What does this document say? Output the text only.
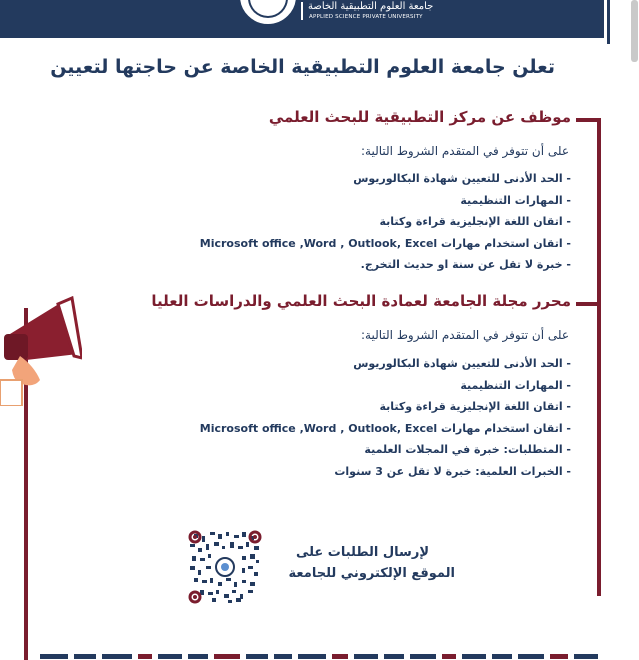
جامعة العلوم التطبيقية الخاصة
APPLIED SCIENCE PRIVATE UNIVERSITY
تعلن جامعة العلوم التطبيقية الخاصة عن حاجتها لتعيين
موظف عن مركز التطبيقية للبحث العلمي
على أن تتوفر في المتقدم الشروط التالية:
- الحد الأدنى للتعيين شهادة البكالوريوس
- المهارات التنظيمية
- اتقان اللغة الإنجليزية قراءة وكتابة
- اتقان استخدام مهارات Microsoft office ,Word , Outlook, Excel
- خبرة لا تقل عن سنة او حديث التخرج.
محرر مجلة الجامعة لعمادة البحث العلمي والدراسات العليا
على أن تتوفر في المتقدم الشروط التالية:
- الحد الأدنى للتعيين شهادة البكالوريوس
- المهارات التنظيمية
- اتقان اللغة الإنجليزية قراءة وكتابة
- اتقان استخدام مهارات Microsoft office ,Word , Outlook, Excel
- المتطلبات: خبرة في المجلات العلمية
- الخبرات العلمية: خبرة لا تقل عن 3 سنوات
لإرسال الطلبات على
الموقع الإلكتروني للجامعة
